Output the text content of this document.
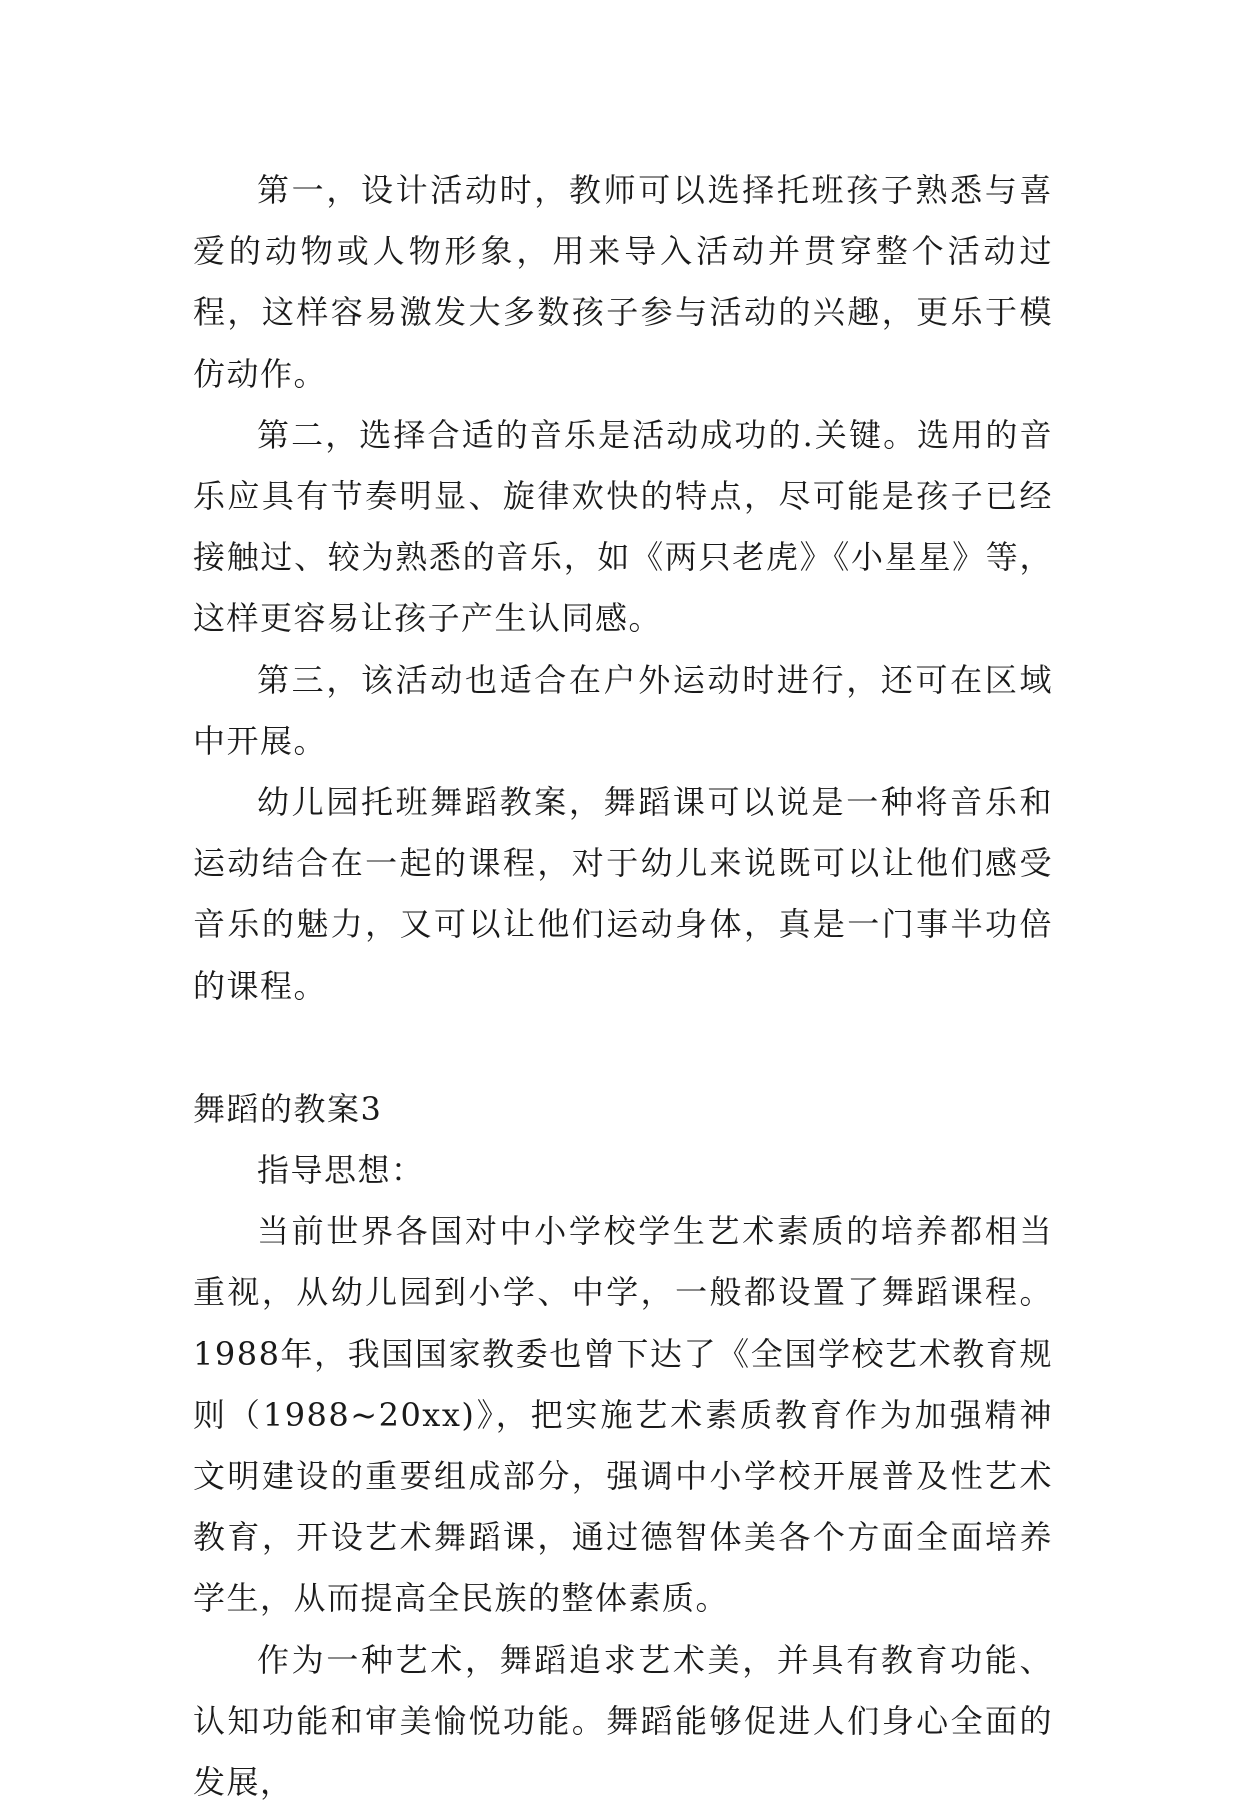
第一，设计活动时，教师可以选择托班孩子熟悉与喜爱的动物或人物形象，用来导入活动并贯穿整个活动过程，这样容易激发大多数孩子参与活动的兴趣，更乐于模仿动作。

第二，选择合适的音乐是活动成功的.关键。选用的音乐应具有节奏明显、旋律欢快的特点，尽可能是孩子已经接触过、较为熟悉的音乐，如《两只老虎》《小星星》等，这样更容易让孩子产生认同感。

第三，该活动也适合在户外运动时进行，还可在区域中开展。

幼儿园托班舞蹈教案，舞蹈课可以说是一种将音乐和运动结合在一起的课程，对于幼儿来说既可以让他们感受音乐的魅力，又可以让他们运动身体，真是一门事半功倍的课程。

舞蹈的教案3

指导思想：

当前世界各国对中小学校学生艺术素质的培养都相当重视，从幼儿园到小学、中学，一般都设置了舞蹈课程。1988年，我国国家教委也曾下达了《全国学校艺术教育规则（1988~20xx)》，把实施艺术素质教育作为加强精神文明建设的重要组成部分，强调中小学校开展普及性艺术教育，开设艺术舞蹈课，通过德智体美各个方面全面培养学生，从而提高全民族的整体素质。

作为一种艺术，舞蹈追求艺术美，并具有教育功能、认知功能和审美愉悦功能。舞蹈能够促进人们身心全面的发展，
